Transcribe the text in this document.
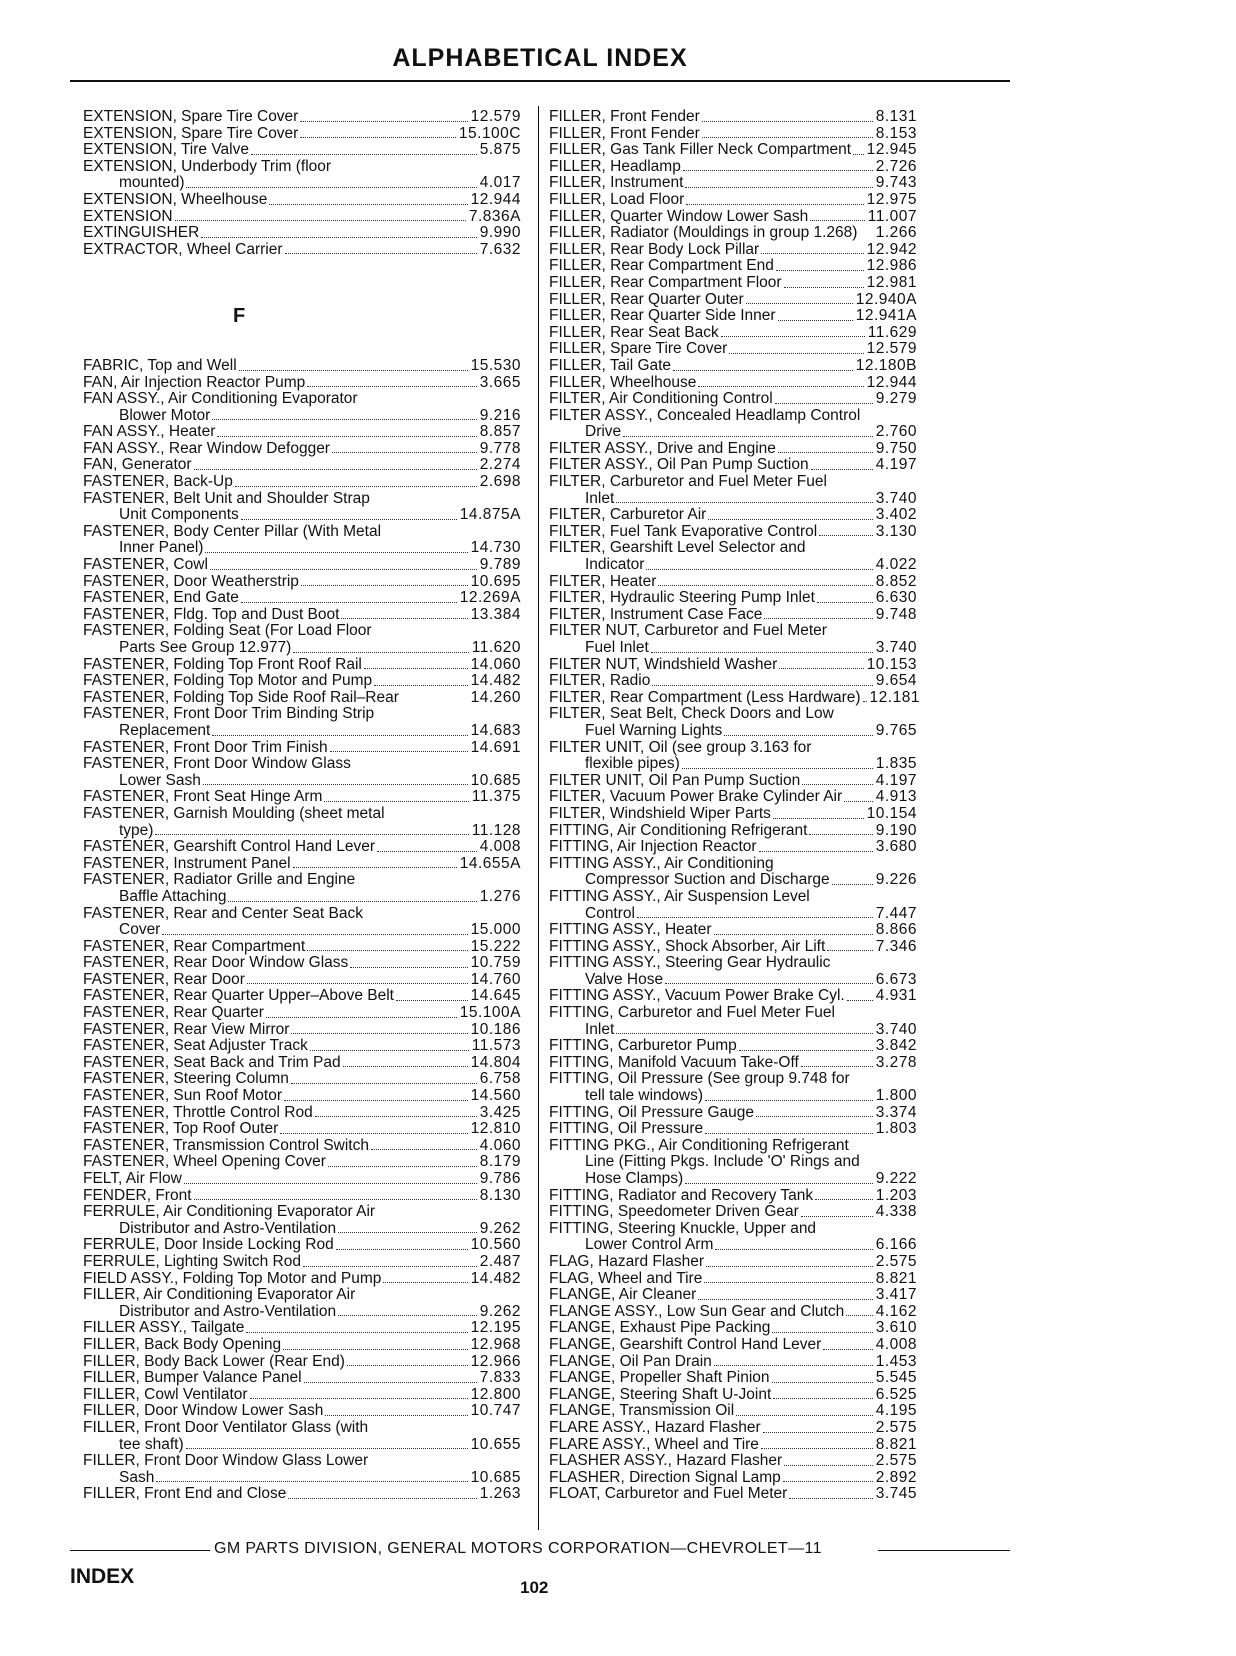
ALPHABETICAL INDEX
EXTENSION, Spare Tire Cover	12.579
EXTENSION, Spare Tire Cover	15.100C
EXTENSION, Tire Valve	5.875
EXTENSION, Underbody Trim (floor
mounted)	4.017
EXTENSION, Wheelhouse	12.944
EXTENSION	7.836A
EXTINGUISHER	9.990
EXTRACTOR, Wheel Carrier	7.632
F
FABRIC, Top and Well	15.530
FAN, Air Injection Reactor Pump	3.665
FAN ASSY., Air Conditioning Evaporator
Blower Motor	9.216
FAN ASSY., Heater	8.857
FAN ASSY., Rear Window Defogger	9.778
FAN, Generator	2.274
FASTENER, Back-Up	2.698
FASTENER, Belt Unit and Shoulder Strap
Unit Components	14.875A
FASTENER, Body Center Pillar (With Metal
Inner Panel)	14.730
FASTENER, Cowl	9.789
FASTENER, Door Weatherstrip	10.695
FASTENER, End Gate	12.269A
FASTENER, Fldg. Top and Dust Boot	13.384
FASTENER, Folding Seat (For Load Floor
Parts See Group 12.977)	11.620
FASTENER, Folding Top Front Roof Rail	14.060
FASTENER, Folding Top Motor and Pump	14.482
FASTENER, Folding Top Side Roof Rail–Rear	14.260
FASTENER, Front Door Trim Binding Strip
Replacement	14.683
FASTENER, Front Door Trim Finish	14.691
FASTENER, Front Door Window Glass
Lower Sash	10.685
FASTENER, Front Seat Hinge Arm	11.375
FASTENER, Garnish Moulding (sheet metal
type)	11.128
FASTENER, Gearshift Control Hand Lever	4.008
FASTENER, Instrument Panel	14.655A
FASTENER, Radiator Grille and Engine
Baffle Attaching	1.276
FASTENER, Rear and Center Seat Back
Cover	15.000
FASTENER, Rear Compartment	15.222
FASTENER, Rear Door Window Glass	10.759
FASTENER, Rear Door	14.760
FASTENER, Rear Quarter Upper–Above Belt	14.645
FASTENER, Rear Quarter	15.100A
FASTENER, Rear View Mirror	10.186
FASTENER, Seat Adjuster Track	11.573
FASTENER, Seat Back and Trim Pad	14.804
FASTENER, Steering Column	6.758
FASTENER, Sun Roof Motor	14.560
FASTENER, Throttle Control Rod	3.425
FASTENER, Top Roof Outer	12.810
FASTENER, Transmission Control Switch	4.060
FASTENER, Wheel Opening Cover	8.179
FELT, Air Flow	9.786
FENDER, Front	8.130
FERRULE, Air Conditioning Evaporator Air
Distributor and Astro-Ventilation	9.262
FERRULE, Door Inside Locking Rod	10.560
FERRULE, Lighting Switch Rod	2.487
FIELD ASSY., Folding Top Motor and Pump	14.482
FILLER, Air Conditioning Evaporator Air
Distributor and Astro-Ventilation	9.262
FILLER ASSY., Tailgate	12.195
FILLER, Back Body Opening	12.968
FILLER, Body Back Lower (Rear End)	12.966
FILLER, Bumper Valance Panel	7.833
FILLER, Cowl Ventilator	12.800
FILLER, Door Window Lower Sash	10.747
FILLER, Front Door Ventilator Glass (with
tee shaft)	10.655
FILLER, Front Door Window Glass Lower
Sash	10.685
FILLER, Front End and Close	1.263
FILLER, Front Fender	8.131
FILLER, Front Fender	8.153
FILLER, Gas Tank Filler Neck Compartment 12.945
FILLER, Headlamp	2.726
FILLER, Instrument	9.743
FILLER, Load Floor	12.975
FILLER, Quarter Window Lower Sash	11.007
FILLER, Radiator (Mouldings in group 1.268) 1.266
FILLER, Rear Body Lock Pillar	12.942
FILLER, Rear Compartment End	12.986
FILLER, Rear Compartment Floor	12.981
FILLER, Rear Quarter Outer	12.940A
FILLER, Rear Quarter Side Inner	12.941A
FILLER, Rear Seat Back	11.629
FILLER, Spare Tire Cover	12.579
FILLER, Tail Gate	12.180B
FILLER, Wheelhouse	12.944
FILTER, Air Conditioning Control	9.279
FILTER ASSY., Concealed Headlamp Control
Drive	2.760
FILTER ASSY., Drive and Engine	9.750
FILTER ASSY., Oil Pan Pump Suction	4.197
FILTER, Carburetor and Fuel Meter Fuel
Inlet	3.740
FILTER, Carburetor Air	3.402
FILTER, Fuel Tank Evaporative Control	3.130
FILTER, Gearshift Level Selector and
Indicator	4.022
FILTER, Heater	8.852
FILTER, Hydraulic Steering Pump Inlet	6.630
FILTER, Instrument Case Face	9.748
FILTER NUT, Carburetor and Fuel Meter
Fuel Inlet	3.740
FILTER NUT, Windshield Washer	10.153
FILTER, Radio	9.654
FILTER, Rear Compartment (Less Hardware) 12.181
FILTER, Seat Belt, Check Doors and Low
Fuel Warning Lights	9.765
FILTER UNIT, Oil (see group 3.163 for
flexible pipes)	1.835
FILTER UNIT, Oil Pan Pump Suction	4.197
FILTER, Vacuum Power Brake Cylinder Air 4.913
FILTER, Windshield Wiper Parts	10.154
FITTING, Air Conditioning Refrigerant	9.190
FITTING, Air Injection Reactor	3.680
FITTING ASSY., Air Conditioning
Compressor Suction and Discharge	9.226
FITTING ASSY., Air Suspension Level
Control	7.447
FITTING ASSY., Heater	8.866
FITTING ASSY., Shock Absorber, Air Lift	7.346
FITTING ASSY., Steering Gear Hydraulic
Valve Hose	6.673
FITTING ASSY., Vacuum Power Brake Cyl. 4.931
FITTING, Carburetor and Fuel Meter Fuel
Inlet	3.740
FITTING, Carburetor Pump	3.842
FITTING, Manifold Vacuum Take-Off	3.278
FITTING, Oil Pressure (See group 9.748 for
tell tale windows)	1.800
FITTING, Oil Pressure Gauge	3.374
FITTING, Oil Pressure	1.803
FITTING PKG., Air Conditioning Refrigerant
Line (Fitting Pkgs. Include 'O' Rings and
Hose Clamps)	9.222
FITTING, Radiator and Recovery Tank	1.203
FITTING, Speedometer Driven Gear	4.338
FITTING, Steering Knuckle, Upper and
Lower Control Arm	6.166
FLAG, Hazard Flasher	2.575
FLAG, Wheel and Tire	8.821
FLANGE, Air Cleaner	3.417
FLANGE ASSY., Low Sun Gear and Clutch 4.162
FLANGE, Exhaust Pipe Packing	3.610
FLANGE, Gearshift Control Hand Lever	4.008
FLANGE, Oil Pan Drain	1.453
FLANGE, Propeller Shaft Pinion	5.545
FLANGE, Steering Shaft U-Joint	6.525
FLANGE, Transmission Oil	4.195
FLARE ASSY., Hazard Flasher	2.575
FLARE ASSY., Wheel and Tire	8.821
FLASHER ASSY., Hazard Flasher	2.575
FLASHER, Direction Signal Lamp	2.892
FLOAT, Carburetor and Fuel Meter	3.745
GM PARTS DIVISION, GENERAL MOTORS CORPORATION—CHEVROLET—11
INDEX	102
